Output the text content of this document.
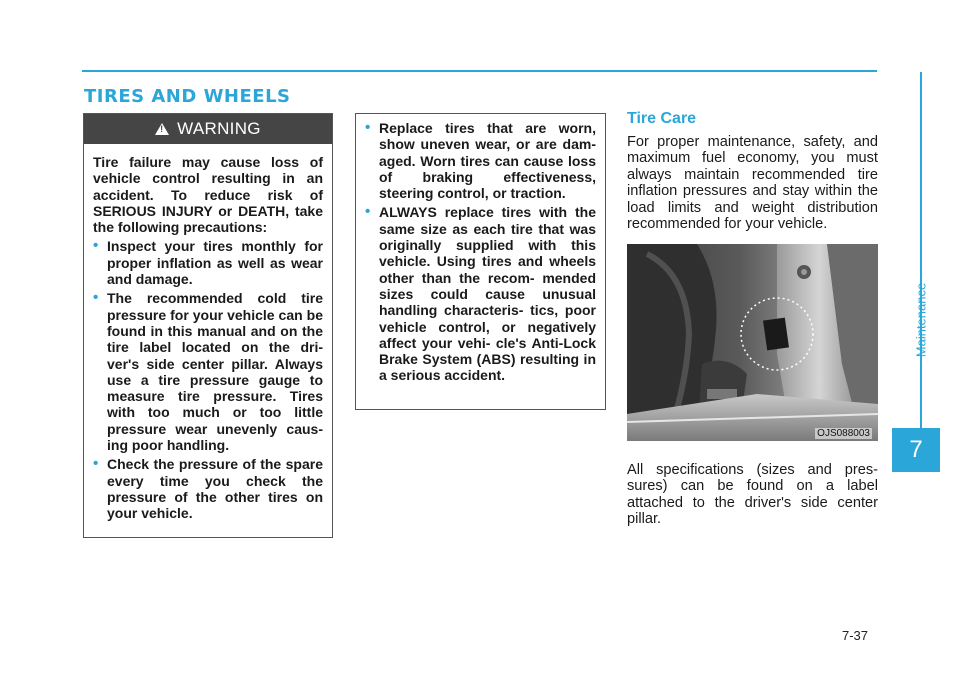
TIRES AND WHEELS
Maintenance
7
!
WARNING

Tire failure may cause loss of vehicle control resulting in an accident. To reduce risk of SERIOUS INJURY or DEATH, take the following precautions:

• Inspect your tires monthly for proper inflation as well as wear and damage.
• The recommended cold tire pressure for your vehicle can be found in this manual and on the tire label located on the dri- ver's side center pillar. Always use a tire pressure gauge to measure tire pressure. Tires with too much or too little pressure wear unevenly caus- ing poor handling.
• Check the pressure of the spare every time you check the pressure of the other tires on your vehicle.
• Replace tires that are worn, show uneven wear, or are dam- aged. Worn tires can cause loss of braking effectiveness, steering control, or traction.
• ALWAYS replace tires with the same size as each tire that was originally supplied with this vehicle. Using tires and wheels other than the recom- mended sizes could cause unusual handling characteris- tics, poor vehicle control, or negatively affect your vehi- cle's Anti-Lock Brake System (ABS) resulting in a serious accident.
Tire Care

For proper maintenance, safety, and maximum fuel economy, you must always maintain recommended tire inflation pressures and stay within the load limits and weight distribution recommended for your vehicle.

OJS088003

All specifications (sizes and pres- sures) can be found on a label attached to the driver's side center pillar.

7-37
